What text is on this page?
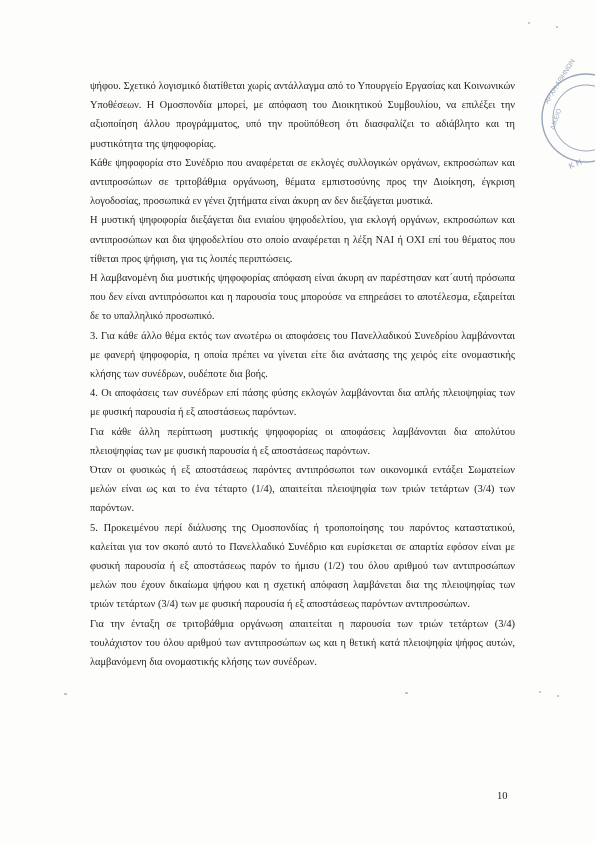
ψήφου. Σχετικό λογισμικό διατίθεται χωρίς αντάλλαγμα από το Υπουργείο Εργασίας και Κοινωνικών Υποθέσεων. Η Ομοσπονδία μπορεί, με απόφαση του Διοικητικού Συμβουλίου, να επιλέξει την αξιοποίηση άλλου προγράμματος, υπό την προϋπόθεση ότι διασφαλίζει το αδιάβλητο και τη μυστικότητα της ψηφοφορίας.

Κάθε ψηφοφορία στο Συνέδριο που αναφέρεται σε εκλογές συλλογικών οργάνων, εκπροσώπων και αντιπροσώπων σε τριτοβάθμια οργάνωση, θέματα εμπιστοσύνης προς την Διοίκηση, έγκριση λογοδοσίας, προσωπικά εν γένει ζητήματα είναι άκυρη αν δεν διεξάγεται μυστικά.

Η μυστική ψηφοφορία διεξάγεται δια ενιαίου ψηφοδελτίου, για εκλογή οργάνων, εκπροσώπων και αντιπροσώπων και δια ψηφοδελτίου στο οποίο αναφέρεται η λέξη ΝΑΙ ή ΟΧΙ επί του θέματος που τίθεται προς ψήφιση, για τις λοιπές περιπτώσεις.

Η λαμβανομένη δια μυστικής ψηφοφορίας απόφαση είναι άκυρη αν παρέστησαν κατ΄αυτή πρόσωπα που δεν είναι αντιπρόσωποι και η παρουσία τους μπορούσε να επηρεάσει το αποτέλεσμα, εξαιρείται δε το υπαλληλικό προσωπικό.

3. Για κάθε άλλο θέμα εκτός των ανωτέρω οι αποφάσεις του Πανελλαδικού Συνεδρίου λαμβάνονται με φανερή ψηφοφορία, η οποία πρέπει να γίνεται είτε δια ανάτασης της χειρός είτε ονομαστικής κλήσης των συνέδρων, ουδέποτε δια βοής.

4. Οι αποφάσεις των συνέδρων επί πάσης φύσης εκλογών λαμβάνονται δια απλής πλειοψηφίας των με φυσική παρουσία ή εξ αποστάσεως παρόντων.

Για κάθε άλλη περίπτωση μυστικής ψηφοφορίας οι αποφάσεις λαμβάνονται δια απολύτου πλειοψηφίας των με φυσική παρουσία ή εξ αποστάσεως παρόντων.

Όταν οι φυσικώς ή εξ αποστάσεως παρόντες αντιπρόσωποι των οικονομικά εντάξει Σωματείων μελών είναι ως και το ένα τέταρτο (1/4), απαιτείται πλειοψηφία των τριών τετάρτων (3/4) των παρόντων.

5. Προκειμένου περί διάλυσης της Ομοσπονδίας ή τροποποίησης του παρόντος καταστατικού, καλείται για τον σκοπό αυτό το Πανελλαδικό Συνέδριο και ευρίσκεται σε απαρτία εφόσον είναι με φυσική παρουσία ή εξ αποστάσεως παρόν το ήμισυ (1/2) του όλου αριθμού των αντιπροσώπων μελών που έχουν δικαίωμα ψήφου και η σχετική απόφαση λαμβάνεται δια της πλειοψηφίας των τριών τετάρτων (3/4) των με φυσική παρουσία ή εξ αποστάσεως παρόντων αντιπροσώπων.

Για την ένταξη σε τριτοβάθμια οργάνωση απαιτείται η παρουσία των τριών τετάρτων (3/4) τουλάχιστον του όλου αριθμού των αντιπροσώπων ως και η θετική κατά πλειοψηφία ψήφος αυτών, λαμβανόμενη δια ονομαστικής κλήσης των συνέδρων.

10
ΑΡΧΗ ΑΘΗΝΩΝ
ΔΙΚΕΙΟ
Κ Η
